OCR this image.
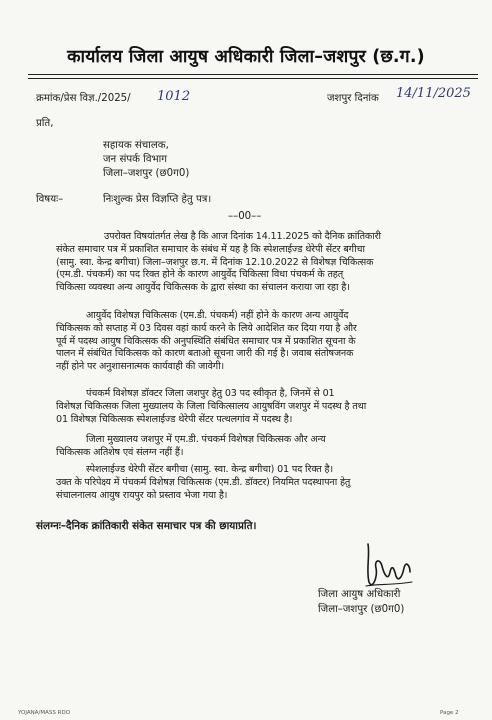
कार्यालय जिला आयुष अधिकारी जिला–जशपुर (छ.ग.)
क्रमांक/प्रेस विज्ञ./2025/ 1012	जशपुर दिनांक 14/11/2025
प्रति,
सहायक संचालक,
जन संपर्क विभाग
जिला–जशपुर (छ0ग0)
विषयः–	निःशुल्क प्रेस विज्ञप्ति हेतु पत्र।
––00––
उपरोक्त विषयांतर्गत लेख है कि आज दिनांक 14.11.2025 को दैनिक क्रांतिकारी
संकेत समाचार पत्र में प्रकाशित समाचार के संबंध में यह है कि स्पेशलाईज्ड थेरेपी सेंटर बगीचा
(सामु. स्वा. केन्द्र बगीचा) जिला–जशपुर छ.ग. में दिनांक 12.10.2022 से विशेषज्ञ चिकित्सक
(एम.डी. पंचकर्म) का पद रिक्त होने के कारण आयुर्वेद चिकित्सा विधा पंचकर्म के तहत्
चिकित्सा व्यवस्था अन्य आयुर्वेद चिकित्सक के द्वारा संस्था का संचालन कराया जा रहा है।
आयुर्वेद विशेषज्ञ चिकित्सक (एम.डी. पंचकर्म) नहीं होने के कारण अन्य आयुर्वेद
चिकित्सक को सप्ताह में 03 दिवस वहां कार्य करने के लिये आदेशित कर दिया गया है और
पूर्व में पदस्थ आयुष चिकित्सक की अनुपस्थिति संबंधित समाचार पत्र में प्रकाशित सूचना के
पालन में संबंधित चिकित्सक को कारण बताओ सूचना जारी की गई है। जवाब संतोषजनक
नहीं होने पर अनुशासनात्मक कार्यवाही की जावेगी।
पंचकर्म विशेषज्ञ डॉक्टर जिला जशपुर हेतु 03 पद स्वीकृत है, जिनमें से 01
विशेषज्ञ चिकित्सक जिला मुख्यालय के जिला चिकित्सालय आयुषविंग जशपुर में पदस्थ है तथा
01 विशेषज्ञ चिकित्सक स्पेशलाईज्ड थेरेपी सेंटर पत्थलगांव में पदस्थ है।
जिला मुख्यालय जशपुर में एम.डी. पंचकर्म विशेषज्ञ चिकित्सक और अन्य
चिकित्सक अतिशेष एवं संलग्न नहीं हैं।
स्पेशलाईज्ड थेरेपी सेंटर बगीचा (सामु. स्वा. केन्द्र बगीचा) 01 पद रिक्त है।
उक्त के परिपेक्ष्य में पंचकर्म विशेषज्ञ चिकित्सक (एम.डी. डॉक्टर) नियमित पदस्थापना हेतु
संचालनालय आयुष रायपुर को प्रस्ताव भेजा गया है।
संलग्नः–दैनिक क्रांतिकारी संकेत समाचार पत्र की छायाप्रति।
जिला आयुष अधिकारी
जिला–जशपुर (छ0ग0)
YOJANA/MASS RDO	Page 2
